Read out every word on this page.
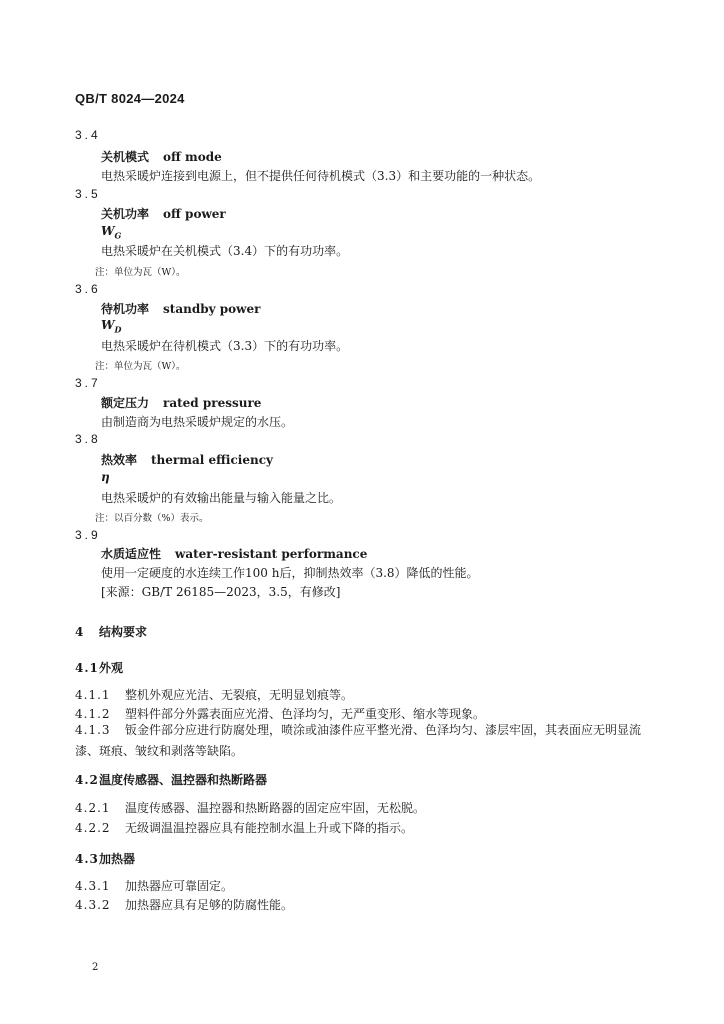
QB/T 8024—2024
3.4
关机模式 off mode
电热采暖炉连接到电源上，但不提供任何待机模式（3.3）和主要功能的一种状态。
3.5
关机功率 off power
$W_G$
电热采暖炉在关机模式（3.4）下的有功功率。
注：单位为瓦（W）。
3.6
待机功率 standby power
$W_D$
电热采暖炉在待机模式（3.3）下的有功功率。
注：单位为瓦（W）。
3.7
额定压力 rated pressure
由制造商为电热采暖炉规定的水压。
3.8
热效率 thermal efficiency
η
电热采暖炉的有效输出能量与输入能量之比。
注：以百分数（%）表示。
3.9
水质适应性 water-resistant performance
使用一定硬度的水连续工作100 h后，抑制热效率（3.8）降低的性能。
[来源：GB/T 26185—2023，3.5，有修改]
4 结构要求
4.1外观
4.1.1 整机外观应光洁、无裂痕，无明显划痕等。
4.1.2 塑料件部分外露表面应光滑、色泽均匀，无严重变形、缩水等现象。
4.1.3 钣金件部分应进行防腐处理，喷涂或油漆件应平整光滑、色泽均匀、漆层牢固，其表面应无明显流漆、斑痕、皱纹和剥落等缺陷。
4.2温度传感器、温控器和热断路器
4.2.1 温度传感器、温控器和热断路器的固定应牢固，无松脱。
4.2.2 无级调温温控器应具有能控制水温上升或下降的指示。
4.3加热器
4.3.1 加热器应可靠固定。
4.3.2 加热器应具有足够的防腐性能。
2
